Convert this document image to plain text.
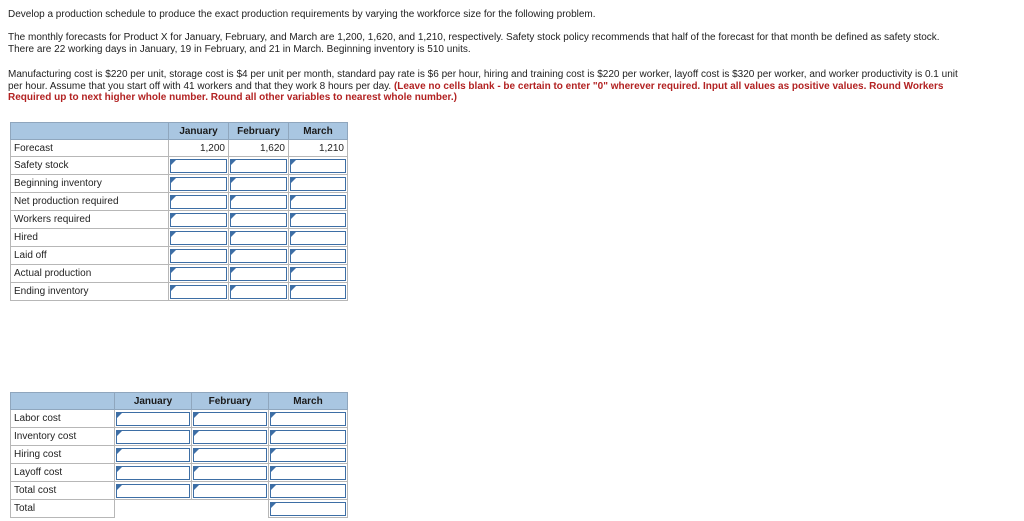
Develop a production schedule to produce the exact production requirements by varying the workforce size for the following problem.

The monthly forecasts for Product X for January, February, and March are 1,200, 1,620, and 1,210, respectively. Safety stock policy recommends that half of the forecast for that month be defined as safety stock.
There are 22 working days in January, 19 in February, and 21 in March. Beginning inventory is 510 units.

Manufacturing cost is $220 per unit, storage cost is $4 per unit per month, standard pay rate is $6 per hour, hiring and training cost is $220 per worker, layoff cost is $320 per worker, and worker productivity is 0.1 unit
per hour. Assume that you start off with 41 workers and that they work 8 hours per day. (Leave no cells blank - be certain to enter "0" wherever required. Input all values as positive values. Round Workers
Required up to next higher whole number. Round all other variables to nearest whole number.)

	January	February	March
Forecast	1,200	1,620	1,210
Safety stock	

Beginning inventory	

Net production required	

Workers required	

Hired	

Laid off	

Actual production	

Ending inventory	

	January	February	March
Labor cost	

Inventory cost	

Hiring cost	

Layoff cost	

Total cost	

Total			
